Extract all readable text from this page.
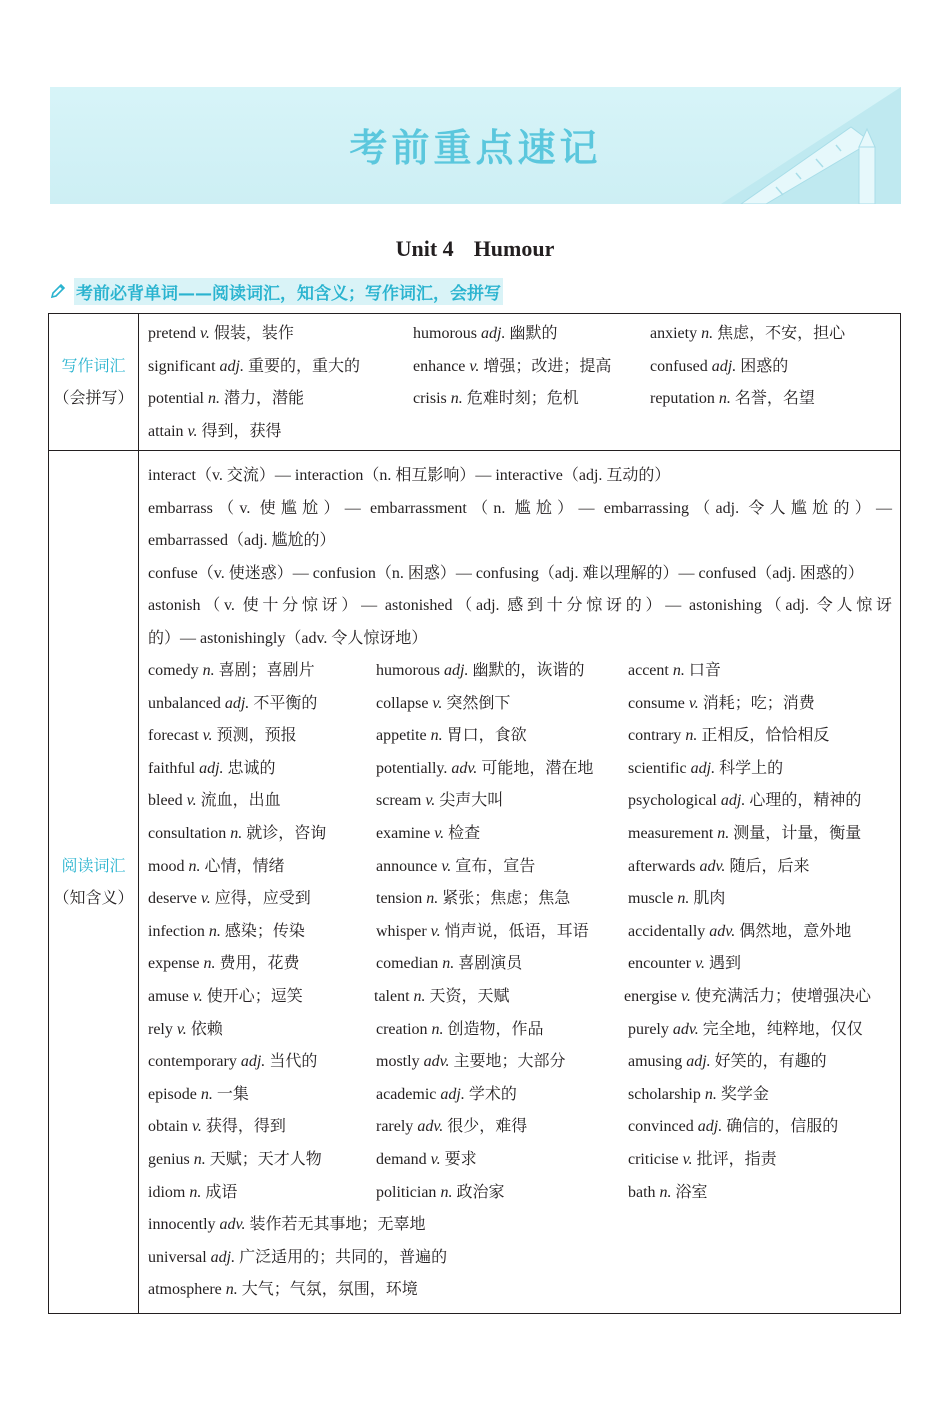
考前重点速记
Unit 4 Humour
考前必背单词——阅读词汇，知含义；写作词汇，会拼写
写作词汇
（会拼写）
阅读词汇
（知含义）
pretend v. 假装，装作	humorous adj. 幽默的	anxiety n. 焦虑，不安，担心
significant adj. 重要的，重大的	enhance v. 增强；改进；提高 confused adj. 困惑的
potential n. 潜力，潜能	crisis n. 危难时刻；危机	reputation n. 名誉，名望
attain v. 得到，获得
interact（v. 交流）— interaction（n. 相互影响）— interactive（adj. 互动的）
embarrass（v. 使尴尬）— embarrassment（n. 尴尬）— embarrassing（adj. 令人尴尬的）—
embarrassed（adj. 尴尬的）
confuse（v. 使迷惑）— confusion（n. 困惑）— confusing（adj. 难以理解的）— confused（adj. 困惑的）
astonish（v. 使十分惊讶）— astonished（adj. 感到十分惊讶的）— astonishing（adj. 令人惊讶
的）— astonishingly（adv. 令人惊讶地）
comedy n. 喜剧；喜剧片	humorous adj. 幽默的，诙谐的	accent n. 口音
unbalanced adj. 不平衡的	collapse v. 突然倒下	consume v. 消耗；吃；消费
forecast v. 预测，预报	appetite n. 胃口，食欲	contrary n. 正相反，恰恰相反
faithful adj. 忠诚的	potentially. adv. 可能地，潜在地 scientific adj. 科学上的
bleed v. 流血，出血	scream v. 尖声大叫	psychological adj. 心理的，精神的
consultation n. 就诊，咨询	examine v. 检查	measurement n. 测量，计量，衡量
mood n. 心情，情绪	announce v. 宣布，宣告	afterwards adv. 随后，后来
deserve v. 应得，应受到	tension n. 紧张；焦虑；焦急	muscle n. 肌肉
infection n. 感染；传染	whisper v. 悄声说，低语，耳语 accidentally adv. 偶然地，意外地
expense n. 费用，花费	comedian n. 喜剧演员	encounter v. 遇到
amuse v. 使开心；逗笑	talent n. 天资，天赋	energise v. 使充满活力；使增强决心
rely v. 依赖	creation n. 创造物，作品	purely adv. 完全地，纯粹地，仅仅
contemporary adj. 当代的	mostly adv. 主要地；大部分	amusing adj. 好笑的，有趣的
episode n. 一集	academic adj. 学术的	scholarship n. 奖学金
obtain v. 获得，得到	rarely adv. 很少，难得	convinced adj. 确信的，信服的
genius n. 天赋；天才人物	demand v. 要求	criticise v. 批评，指责
idiom n. 成语	politician n. 政治家	bath n. 浴室
innocently adv. 装作若无其事地；无辜地
universal adj. 广泛适用的；共同的，普遍的
atmosphere n. 大气；气氛，氛围，环境
